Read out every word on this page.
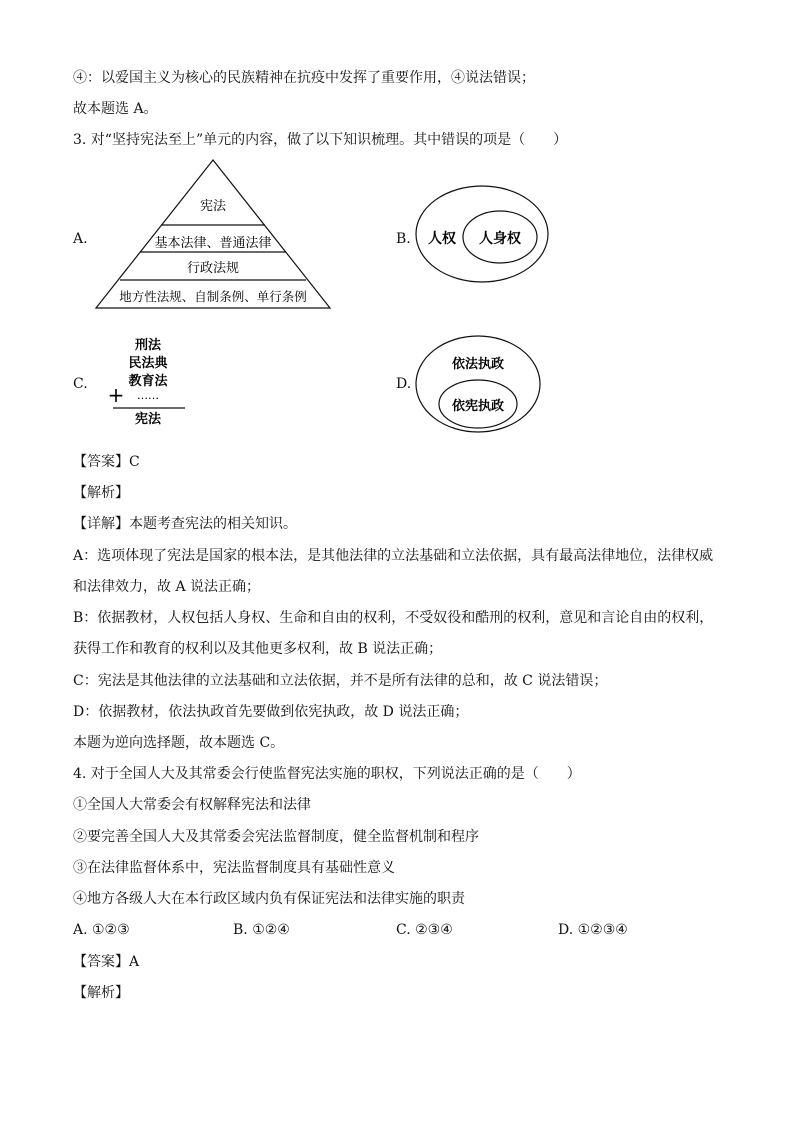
④：以爱国主义为核心的民族精神在抗疫中发挥了重要作用，④说法错误；
故本题选 A。
3. 对“坚持宪法至上”单元的内容，做了以下知识梳理。其中错误的项是（　　）
A.
宪法
基本法律、普通法律
行政法规
地方性法规、自制条例、单行条例
B. 人权 人身权
C.
刑法
民法典
教育法
+ ……
宪法
D.
依法执政
依宪执政
【答案】C
【解析】
【详解】本题考查宪法的相关知识。
A：选项体现了宪法是国家的根本法，是其他法律的立法基础和立法依据，具有最高法律地位，法律权威
和法律效力，故 A 说法正确；
B：依据教材，人权包括人身权、生命和自由的权利，不受奴役和酷刑的权利，意见和言论自由的权利，
获得工作和教育的权利以及其他更多权利，故 B 说法正确；
C：宪法是其他法律的立法基础和立法依据，并不是所有法律的总和，故 C 说法错误；
D：依据教材，依法执政首先要做到依宪执政，故 D 说法正确；
本题为逆向选择题，故本题选 C。
4. 对于全国人大及其常委会行使监督宪法实施的职权，下列说法正确的是（　　）
①全国人大常委会有权解释宪法和法律
②要完善全国人大及其常委会宪法监督制度，健全监督机制和程序
③在法律监督体系中，宪法监督制度具有基础性意义
④地方各级人大在本行政区域内负有保证宪法和法律实施的职责
A. ①②③	B. ①②④	C. ②③④	D. ①②③④
【答案】A
【解析】
